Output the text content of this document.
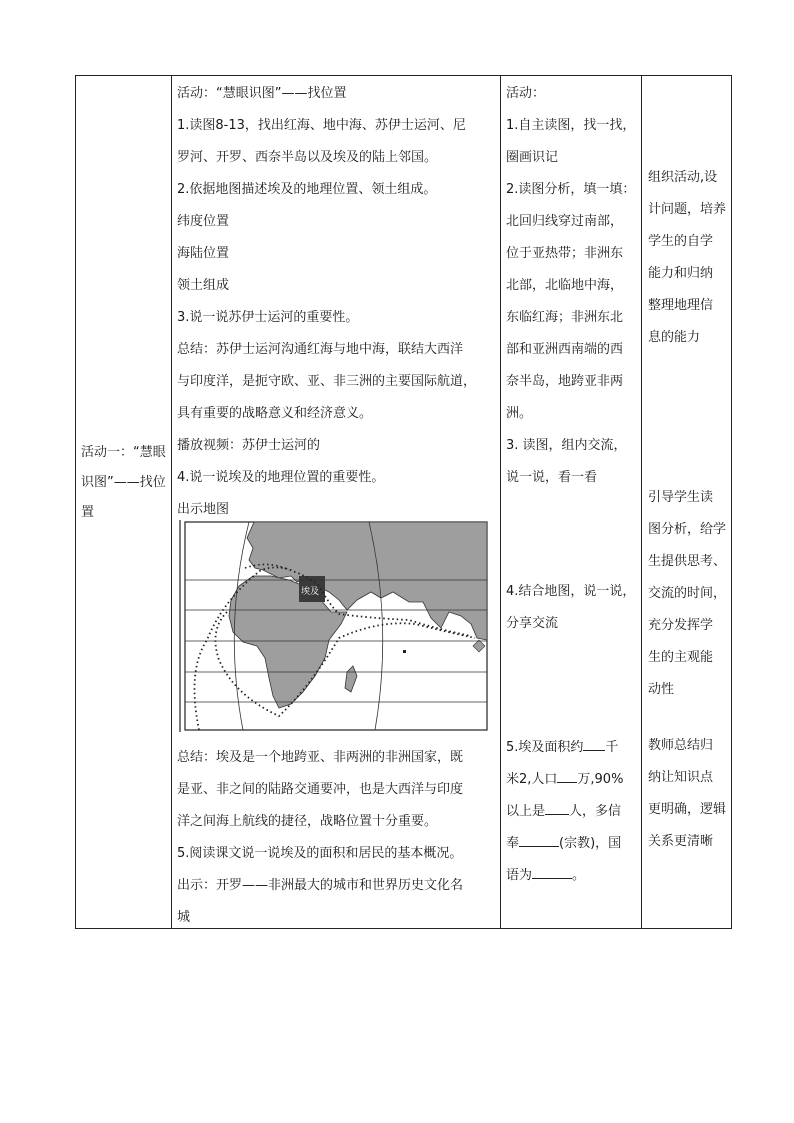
活动一：“慧眼识图”——找位置

活动：“慧眼识图”——找位置

1.读图8-13，找出红海、地中海、苏伊士运河、尼

罗河、开罗、西奈半岛以及埃及的陆上邻国。

2.依据地图描述埃及的地理位置、领土组成。

纬度位置

海陆位置

领土组成

3.说一说苏伊士运河的重要性。

总结：苏伊士运河沟通红海与地中海，联结大西洋

与印度洋，是扼守欧、亚、非三洲的主要国际航道，

具有重要的战略意义和经济意义。

播放视频：苏伊士运河的

4.说一说埃及的地理位置的重要性。

出示地图

埃及

总结：埃及是一个地跨亚、非两洲的非洲国家，既

是亚、非之间的陆路交通要冲，也是大西洋与印度

洋之间海上航线的捷径，战略位置十分重要。

5.阅读课文说一说埃及的面积和居民的基本概况。

出示：开罗——非洲最大的城市和世界历史文化名

城

活动：

1.自主读图，找一找，

圈画识记

2.读图分析，填一填：

北回归线穿过南部，

位于亚热带；非洲东

北部，北临地中海，

东临红海；非洲东北

部和亚洲西南端的西

奈半岛，地跨亚非两

洲。

3. 读图，组内交流，

说一说，看一看

4.结合地图，说一说，

分享交流

5.埃及面积约 千

米2,人口 万,90%

以上是 人，多信

奉	(宗教)，国

语为	。

组织活动,设

计问题，培养

学生的自学

能力和归纳

整理地理信

息的能力

引导学生读

图分析，给学

生提供思考、

交流的时间，

充分发挥学

生的主观能

动性

教师总结归

纳让知识点

更明确，逻辑

关系更清晰
